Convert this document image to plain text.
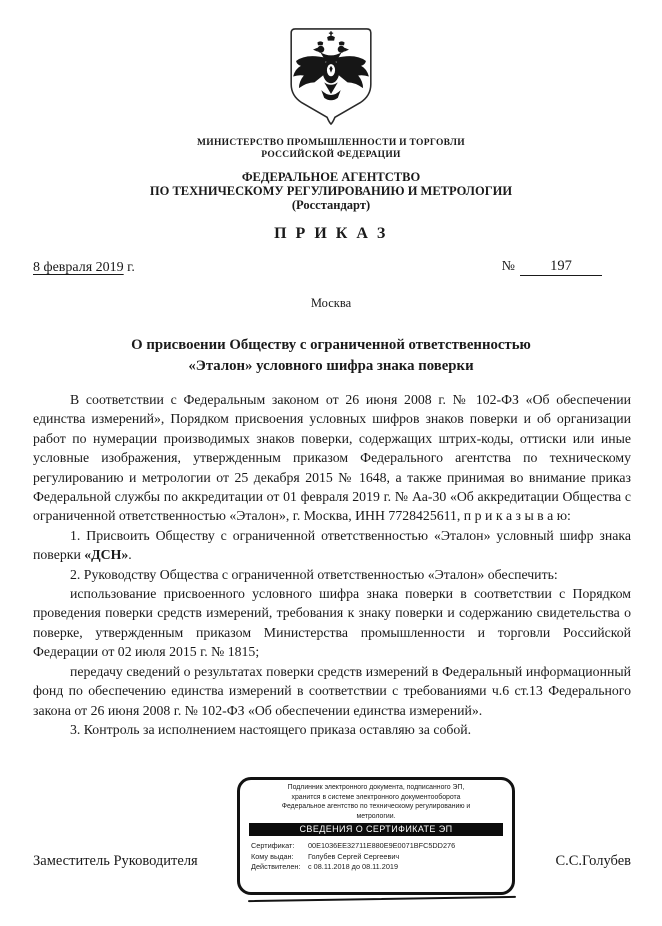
МИНИСТЕРСТВО ПРОМЫШЛЕННОСТИ И ТОРГОВЛИ
РОССИЙСКОЙ ФЕДЕРАЦИИ
ФЕДЕРАЛЬНОЕ АГЕНТСТВО
ПО ТЕХНИЧЕСКОМУ РЕГУЛИРОВАНИЮ И МЕТРОЛОГИИ
(Росстандарт)
П Р И К А З
8 февраля 2019 г.	№ 197
Москва
О присвоении Обществу с ограниченной ответственностью
«Эталон» условного шифра знака поверки

В соответствии с Федеральным законом от 26 июня 2008 г. № 102-ФЗ «Об обеспечении единства измерений», Порядком присвоения условных шифров знаков поверки и об организации работ по нумерации производимых знаков поверки, содержащих штрих-коды, оттиски или иные условные изображения, утвержденным приказом Федерального агентства по техническому регулированию и метрологии от 25 декабря 2015 № 1648, а также принимая во внимание приказ Федеральной службы по аккредитации от 01 февраля 2019 г. № Аа-30 «Об аккредитации Общества с ограниченной ответственностью «Эталон», г. Москва, ИНН 7728425611, п р и к а з ы в а ю:

1. Присвоить Обществу с ограниченной ответственностью «Эталон» условный шифр знака поверки «ДСН».

2. Руководству Общества с ограниченной ответственностью «Эталон» обеспечить:

использование присвоенного условного шифра знака поверки в соответствии с Порядком проведения поверки средств измерений, требования к знаку поверки и содержанию свидетельства о поверке, утвержденным приказом Министерства промышленности и торговли Российской Федерации от 02 июля 2015 г. № 1815;

передачу сведений о результатах поверки средств измерений в Федеральный информационный фонд по обеспечению единства измерений в соответствии с требованиями ч.6 ст.13 Федерального закона от 26 июня 2008 г. № 102-ФЗ «Об обеспечении единства измерений».

3. Контроль за исполнением настоящего приказа оставляю за собой.

Заместитель Руководителя	С.С.Голубев
Подлинник электронного документа, подписанного ЭП,
хранится в системе электронного документооборота
Федеральное агентство по техническому регулированию и
метрологии.
СВЕДЕНИЯ О СЕРТИФИКАТЕ ЭП
Сертификат: 00E1036EE32711E880E9E0071BFC5DD276
Кому выдан: Голубев Сергей Сергеевич
Действителен: с 08.11.2018 до 08.11.2019
